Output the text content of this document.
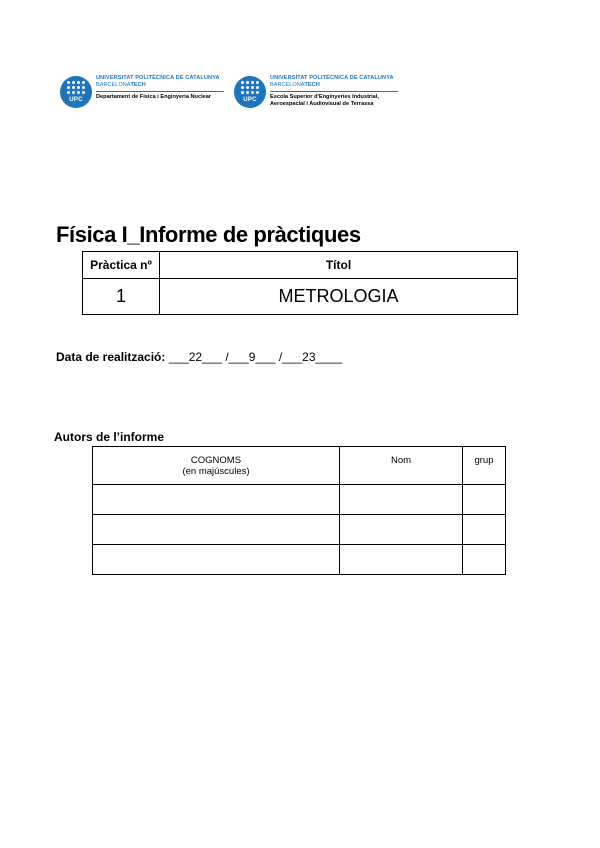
UPC
UNIVERSITAT POLITÈCNICA DE CATALUNYA
BARCELONATECH
Departament de Física i Enginyeria Nuclear	UPC
UNIVERSITAT POLITÈCNICA DE CATALUNYA
BARCELONATECH
Escola Superior d'Enginyeries Industrial,
Aeroespacial i Audiovisual de Terrassa
Física I_Informe de pràctiques
Pràctica nº	Títol
1	METROLOGIA
Data de realització: ___22___ /___9___ /___23____
Autors de l’informe
COGNOMS
(en majúscules)	Nom	grup
